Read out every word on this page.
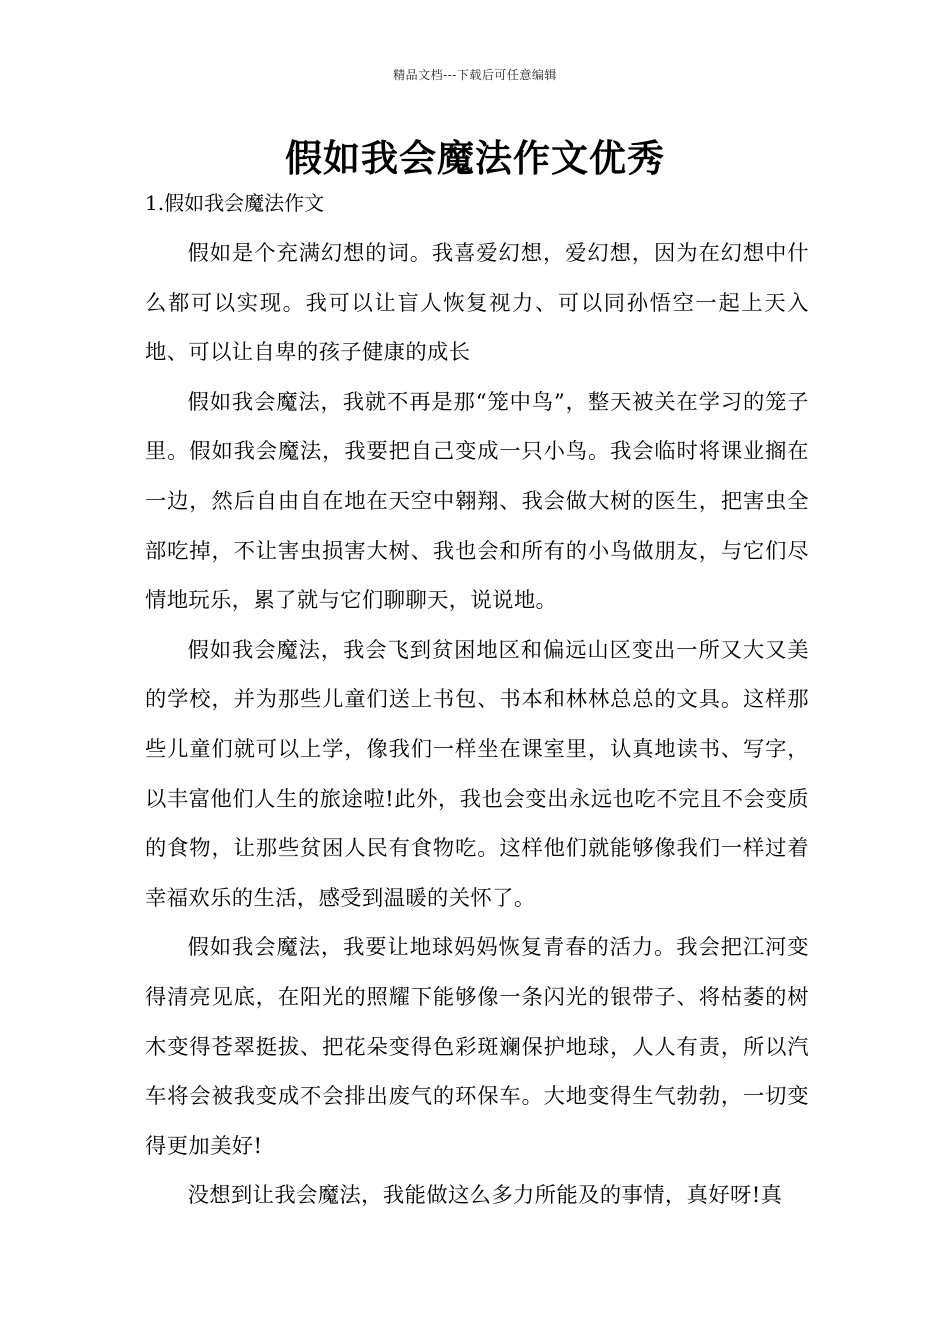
精品文档---下载后可任意编辑
假如我会魔法作文优秀
1.假如我会魔法作文

假如是个充满幻想的词。我喜爱幻想，爱幻想，因为在幻想中什么都可以实现。我可以让盲人恢复视力、可以同孙悟空一起上天入地、可以让自卑的孩子健康的成长

假如我会魔法，我就不再是那“笼中鸟”，整天被关在学习的笼子里。假如我会魔法，我要把自己变成一只小鸟。我会临时将课业搁在一边，然后自由自在地在天空中翱翔、我会做大树的医生，把害虫全部吃掉，不让害虫损害大树、我也会和所有的小鸟做朋友，与它们尽情地玩乐，累了就与它们聊聊天，说说地。

假如我会魔法，我会飞到贫困地区和偏远山区变出一所又大又美的学校，并为那些儿童们送上书包、书本和林林总总的文具。这样那些儿童们就可以上学，像我们一样坐在课室里，认真地读书、写字，以丰富他们人生的旅途啦!此外，我也会变出永远也吃不完且不会变质的食物，让那些贫困人民有食物吃。这样他们就能够像我们一样过着幸福欢乐的生活，感受到温暖的关怀了。

假如我会魔法，我要让地球妈妈恢复青春的活力。我会把江河变得清亮见底，在阳光的照耀下能够像一条闪光的银带子、将枯萎的树木变得苍翠挺拔、把花朵变得色彩斑斓保护地球，人人有责，所以汽车将会被我变成不会排出废气的环保车。大地变得生气勃勃，一切变得更加美好!

没想到让我会魔法，我能做这么多力所能及的事情，真好呀!真
